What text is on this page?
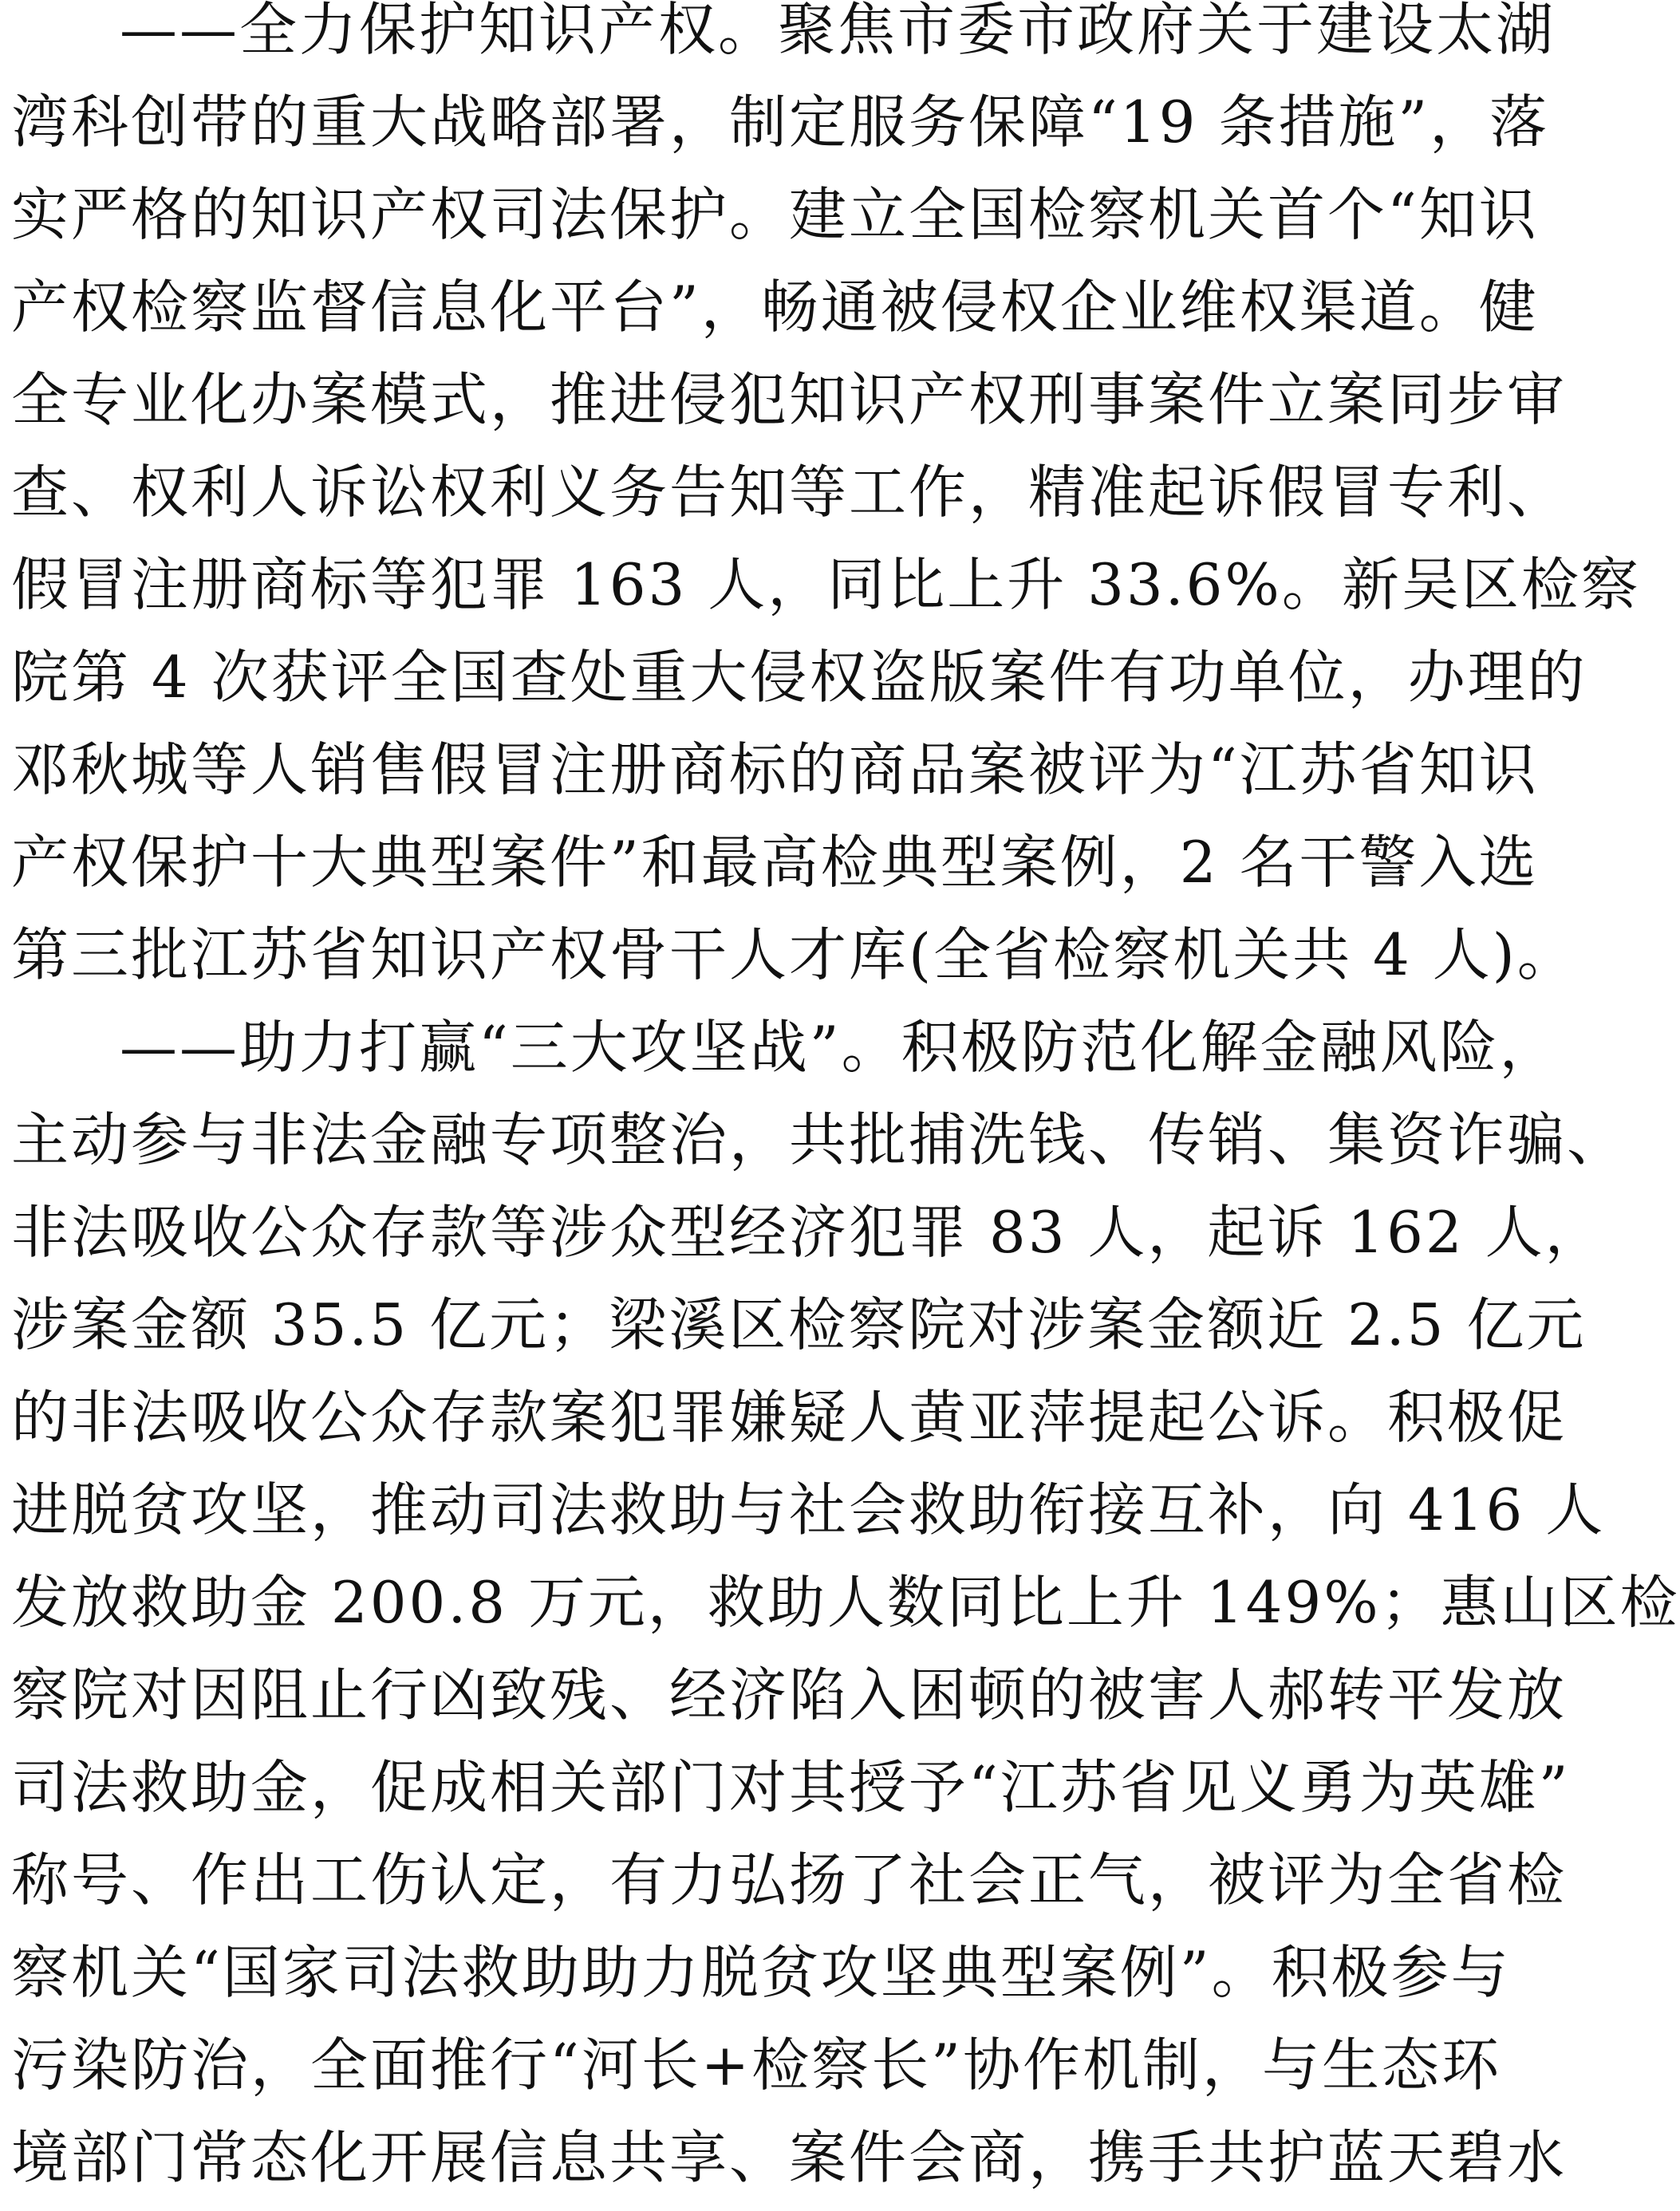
——全力保护知识产权。聚焦市委市政府关于建设太湖
湾科创带的重大战略部署，制定服务保障“19 条措施”，落
实严格的知识产权司法保护。建立全国检察机关首个“知识
产权检察监督信息化平台”，畅通被侵权企业维权渠道。健
全专业化办案模式，推进侵犯知识产权刑事案件立案同步审
查、权利人诉讼权利义务告知等工作，精准起诉假冒专利、
假冒注册商标等犯罪 163 人，同比上升 33.6%。新吴区检察
院第 4 次获评全国查处重大侵权盗版案件有功单位，办理的
邓秋城等人销售假冒注册商标的商品案被评为“江苏省知识
产权保护十大典型案件”和最高检典型案例，2 名干警入选
第三批江苏省知识产权骨干人才库(全省检察机关共 4 人)。
——助力打赢“三大攻坚战”。积极防范化解金融风险，
主动参与非法金融专项整治，共批捕洗钱、传销、集资诈骗、
非法吸收公众存款等涉众型经济犯罪 83 人，起诉 162 人，
涉案金额 35.5 亿元；梁溪区检察院对涉案金额近 2.5 亿元
的非法吸收公众存款案犯罪嫌疑人黄亚萍提起公诉。积极促
进脱贫攻坚，推动司法救助与社会救助衔接互补，向 416 人
发放救助金 200.8 万元，救助人数同比上升 149%；惠山区检
察院对因阻止行凶致残、经济陷入困顿的被害人郝转平发放
司法救助金，促成相关部门对其授予“江苏省见义勇为英雄”
称号、作出工伤认定，有力弘扬了社会正气，被评为全省检
察机关“国家司法救助助力脱贫攻坚典型案例”。积极参与
污染防治，全面推行“河长+检察长”协作机制，与生态环
境部门常态化开展信息共享、案件会商，携手共护蓝天碧水
